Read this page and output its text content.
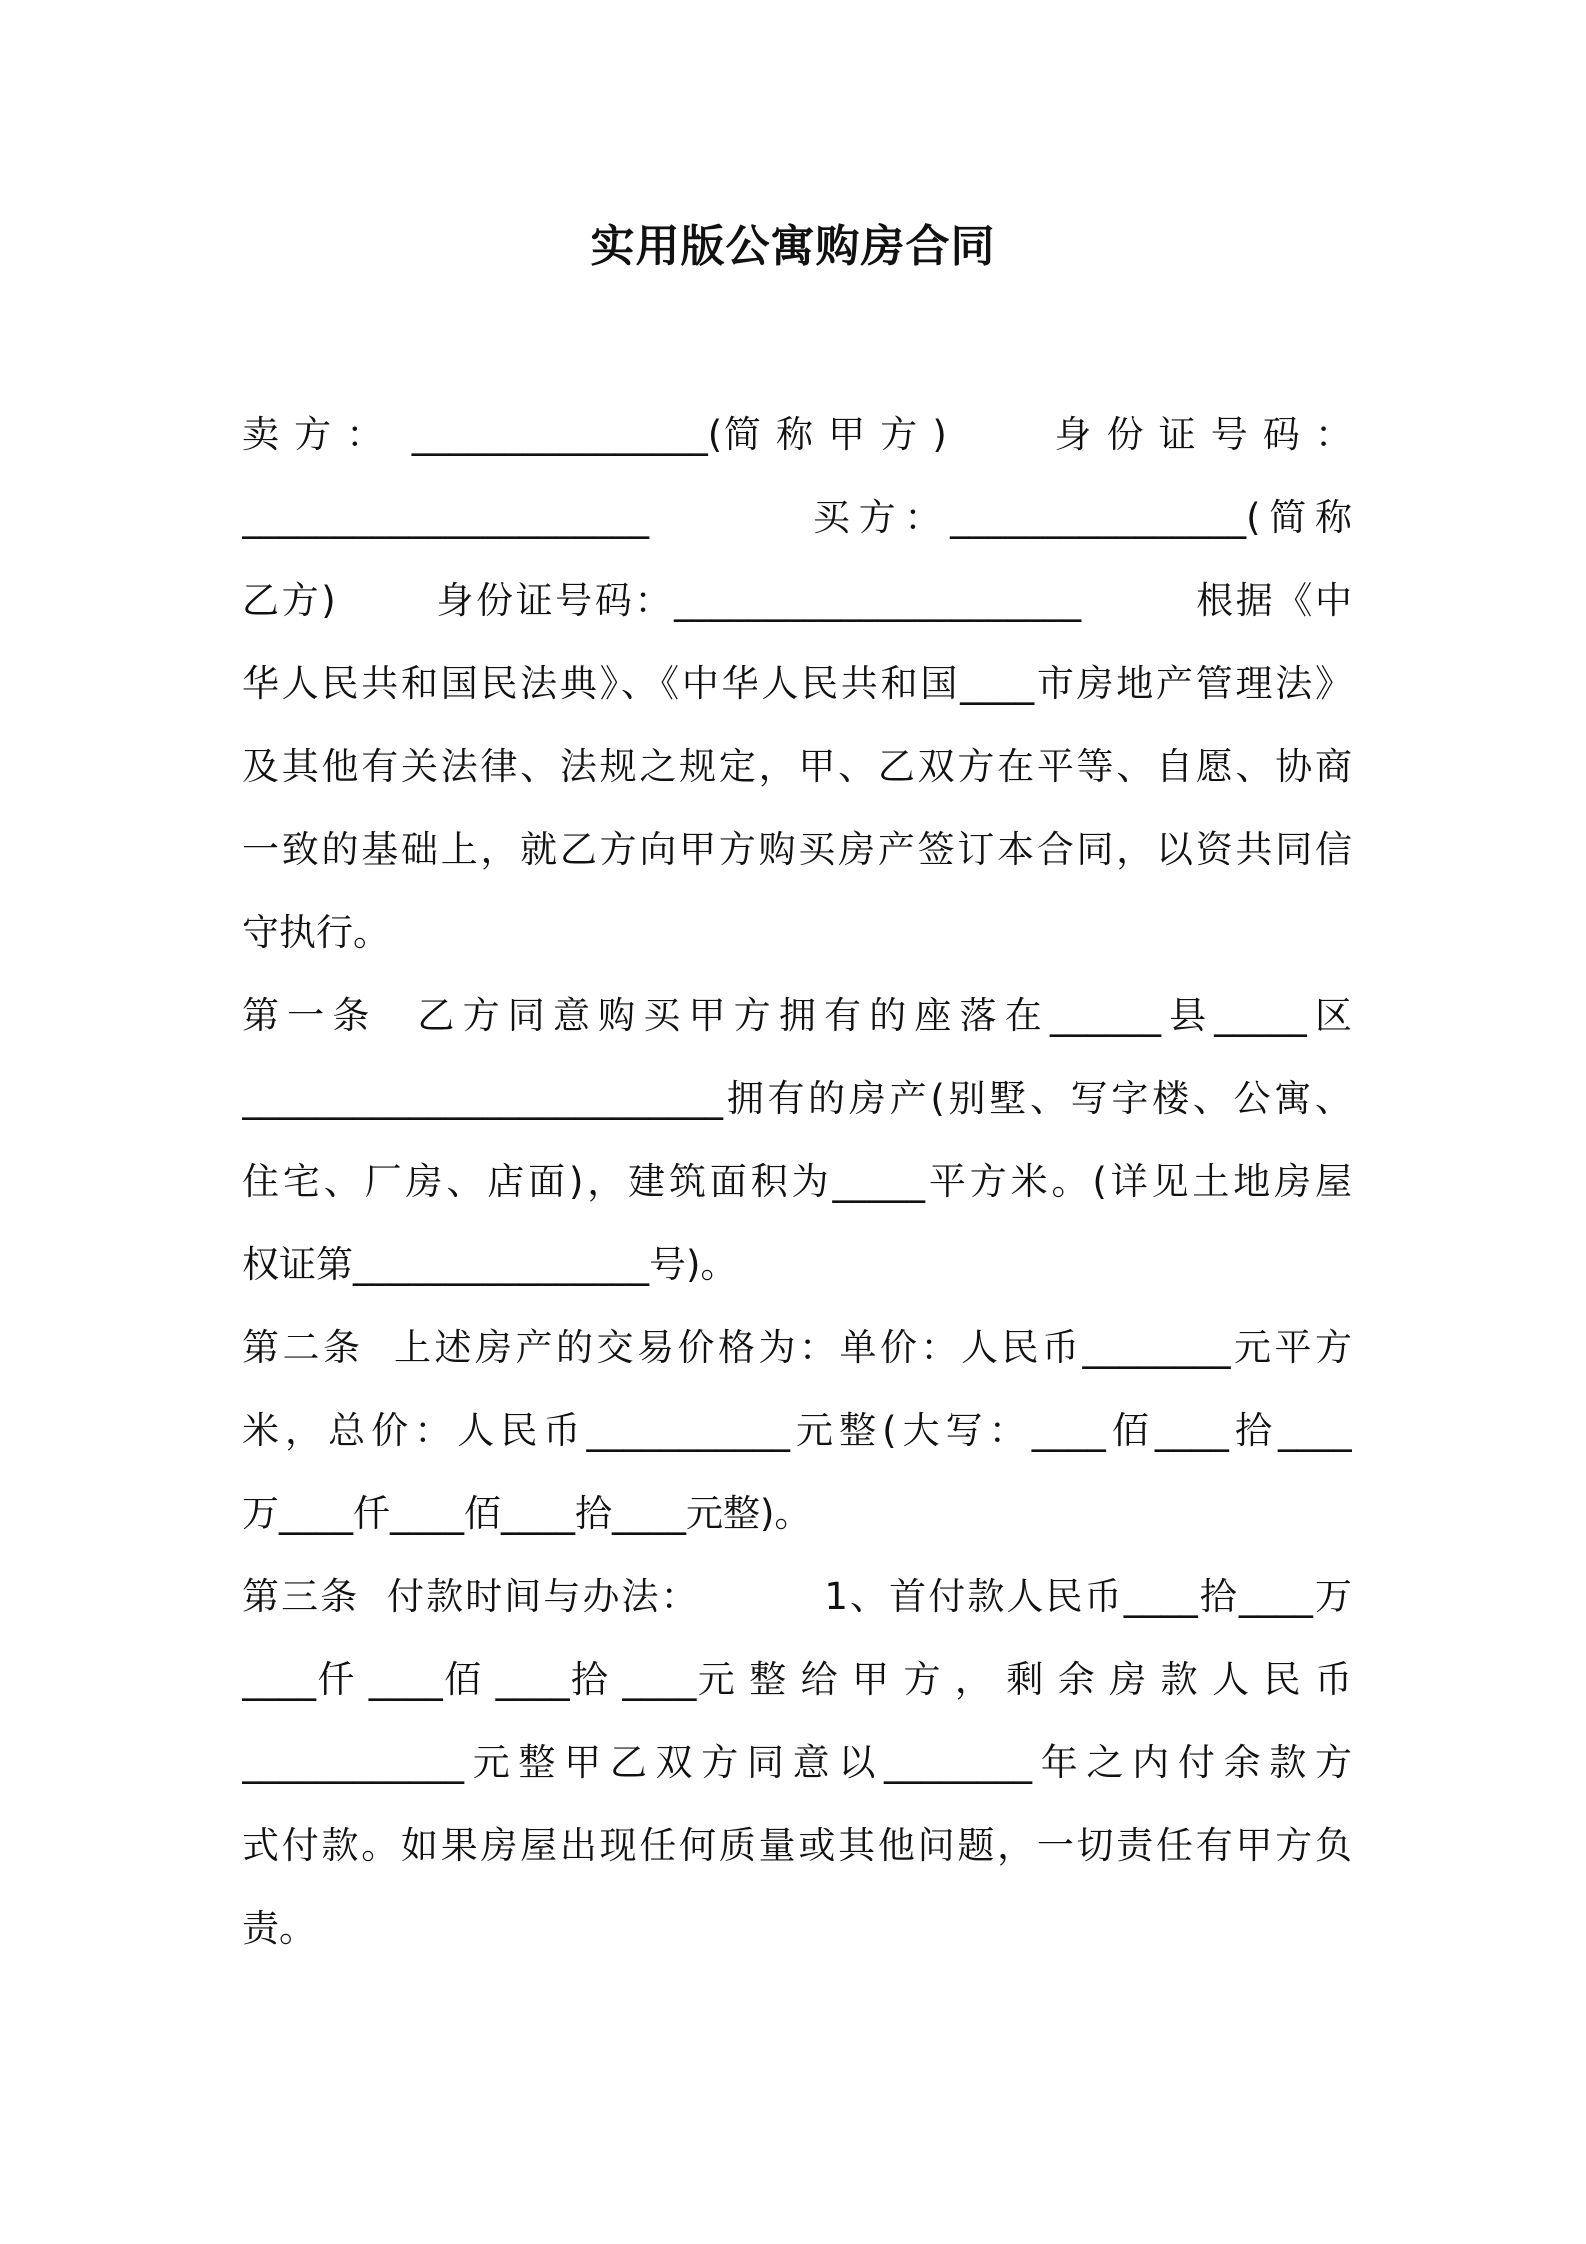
实用版公寓购房合同
卖 方 ：  ________________(简 称 甲 方 )        身 份 证 号 码 ：
______________________        买方：________________(简称
乙方)       身份证号码：______________________        根据《中
华人民共和国民法典》、《中华人民共和国____市房地产管理法》
及其他有关法律、法规之规定，甲、乙双方在平等、自愿、协商
一致的基础上，就乙方向甲方购买房产签订本合同，以资共同信
守执行。
第一条  乙方同意购买甲方拥有的座落在______县_____区
__________________________拥有的房产(别墅、写字楼、公寓、
住宅、厂房、店面)，建筑面积为_____平方米。(详见土地房屋
权证第________________号)。
第二条  上述房产的交易价格为：单价：人民币________元平方
米，总价：人民币___________元整(大写：____佰____拾____
万____仟____佰____拾____元整)。
第三条  付款时间与办法：         1、首付款人民币____拾____万
____仟 ____佰 ____拾 ____元 整 给 甲 方 ， 剩 余 房 款 人 民 币
____________元整甲乙双方同意以________年之内付余款方
式付款。如果房屋出现任何质量或其他问题，一切责任有甲方负
责。
